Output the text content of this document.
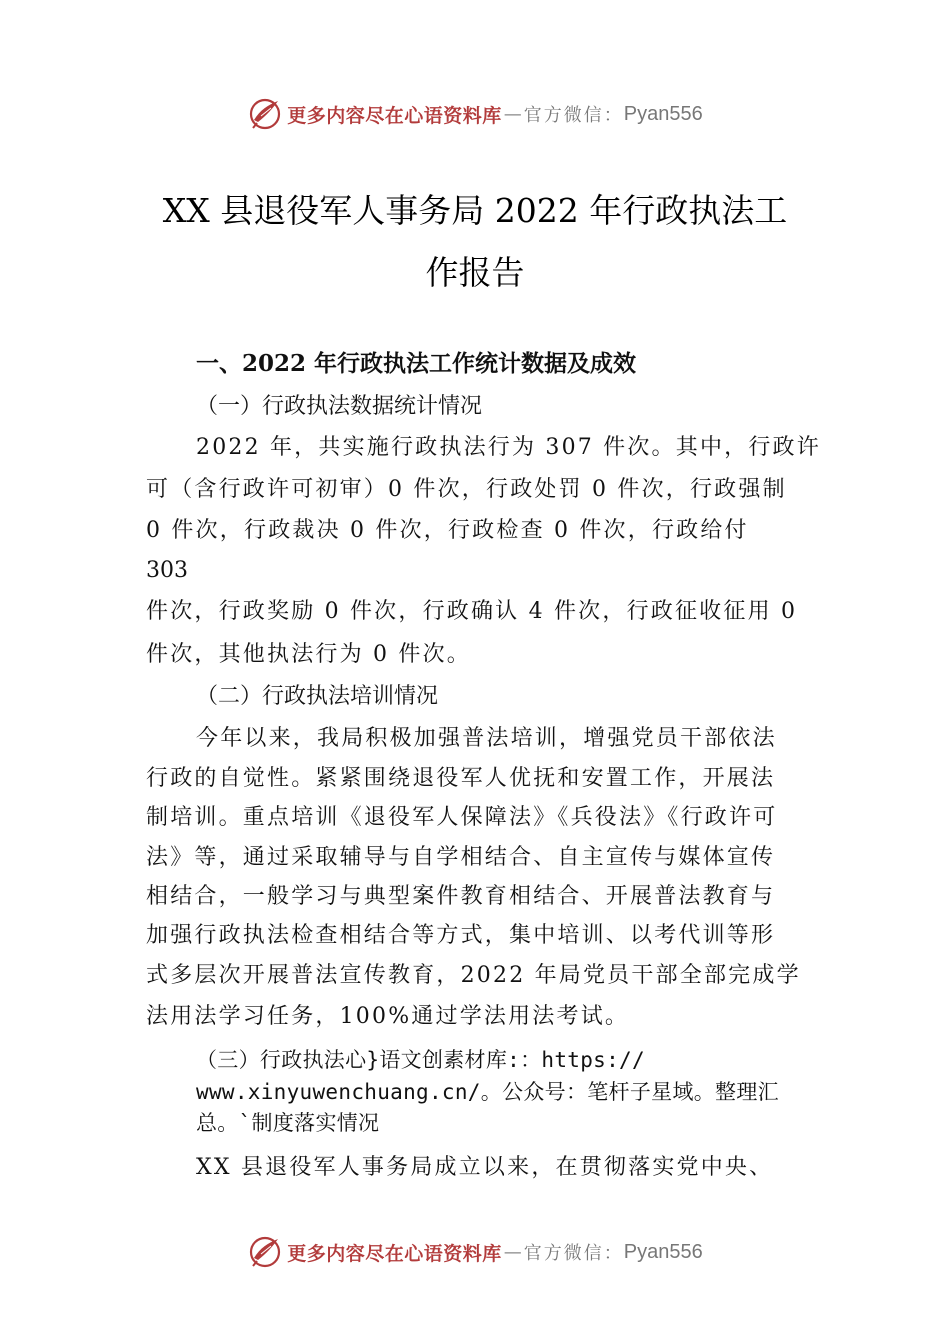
更多内容尽在心语资料库 — 官方微信： Pyan556
XX 县退役军人事务局 2022 年行政执法工
作报告
一、2022 年行政执法工作统计数据及成效
（一）行政执法数据统计情况
2022 年，共实施行政执法行为 307 件次。其中，行政许
可（含行政许可初审）0 件次，行政处罚 0 件次，行政强制
0 件次，行政裁决 0 件次，行政检查 0 件次，行政给付
303
件次，行政奖励 0 件次，行政确认 4 件次，行政征收征用 0
件次，其他执法行为 0 件次。
（二）行政执法培训情况
今年以来，我局积极加强普法培训，增强党员干部依法
行政的自觉性。紧紧围绕退役军人优抚和安置工作，开展法
制培训。重点培训《退役军人保障法》《兵役法》《行政许可
法》等，通过采取辅导与自学相结合、自主宣传与媒体宣传
相结合，一般学习与典型案件教育相结合、开展普法教育与
加强行政执法检查相结合等方式，集中培训、以考代训等形
式多层次开展普法宣传教育，2022 年局党员干部全部完成学
法用法学习任务，100%通过学法用法考试。
（三）行政执法心}语文创素材库:：https://
www.xinyuwenchuang.cn/。公众号：笔杆子星域。整理汇
总。`制度落实情况
XX 县退役军人事务局成立以来，在贯彻落实党中央、
更多内容尽在心语资料库 — 官方微信： Pyan556
